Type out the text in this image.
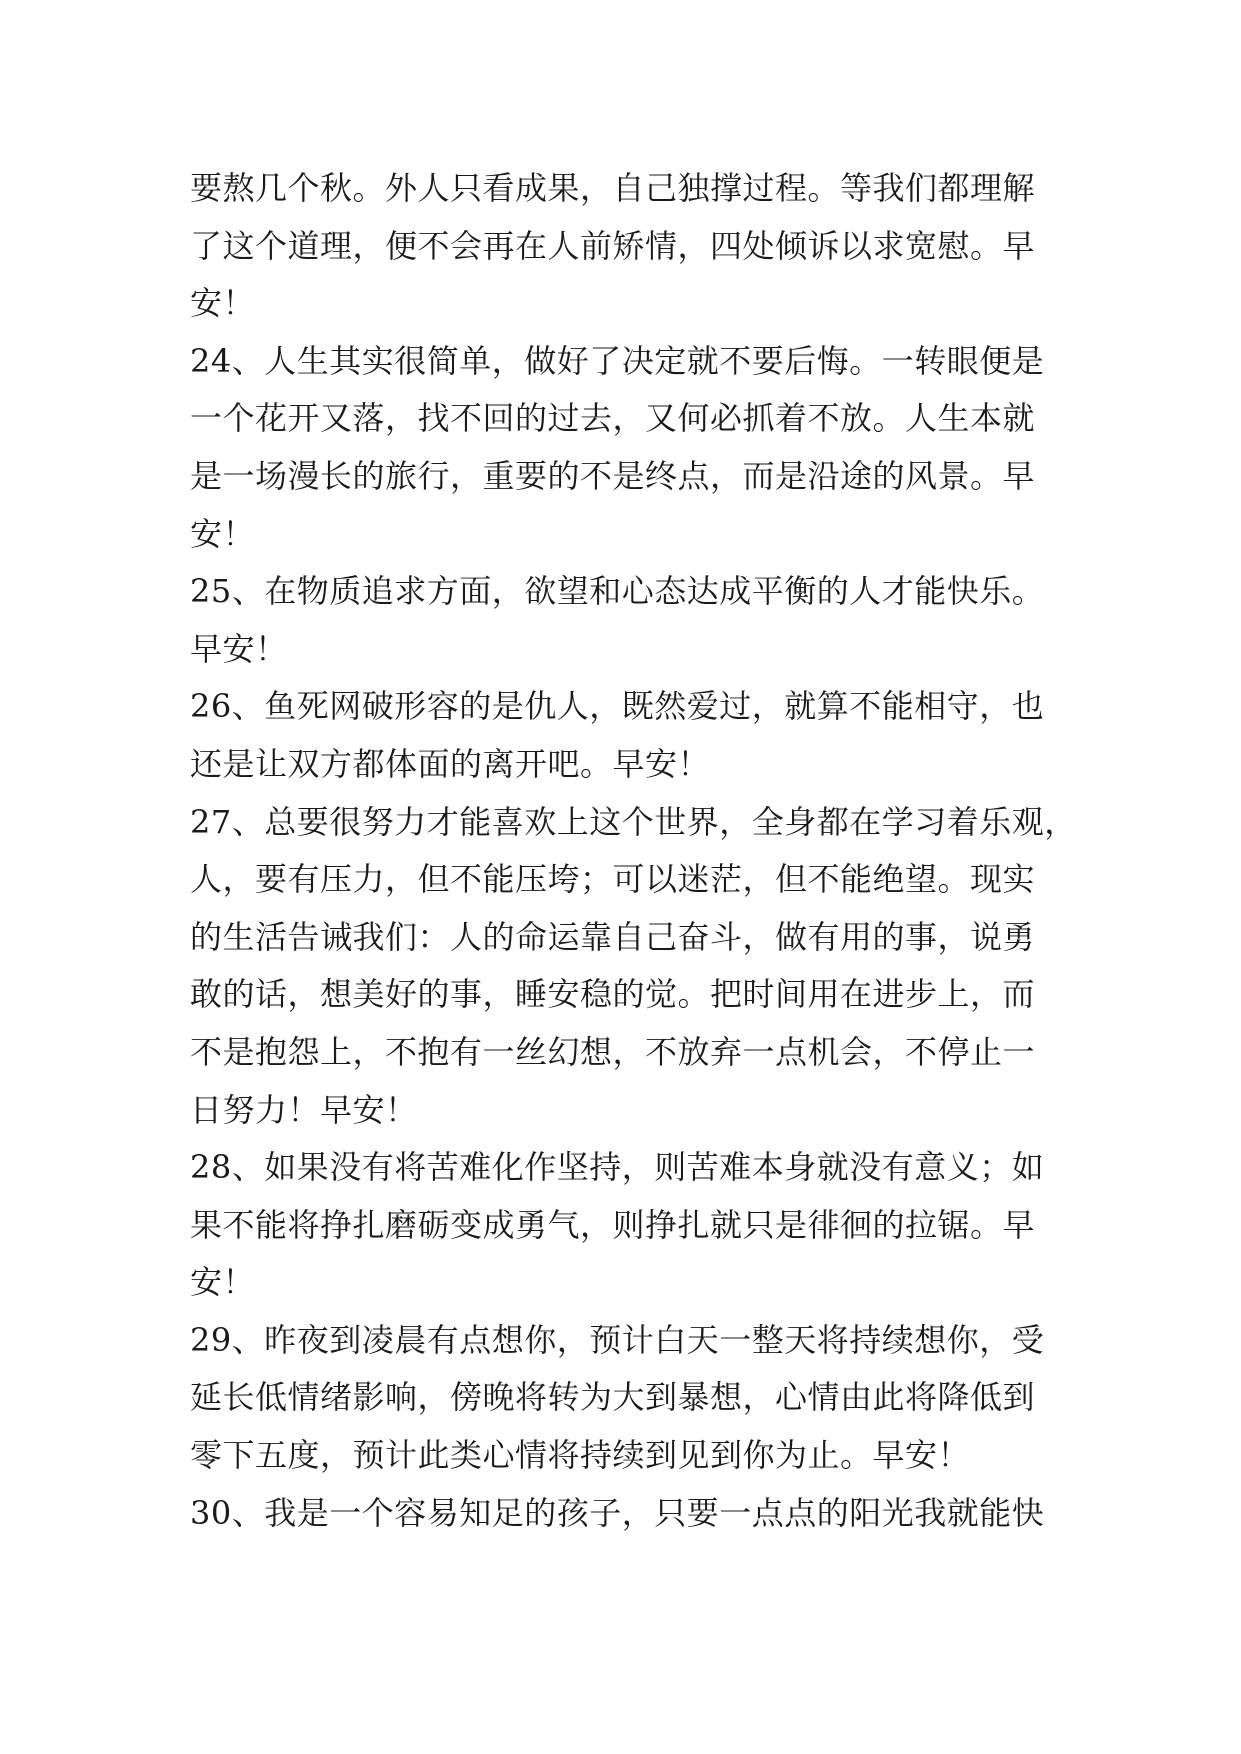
要熬几个秋。外人只看成果，自己独撑过程。等我们都理解
了这个道理，便不会再在人前矫情，四处倾诉以求宽慰。早
安！
24、人生其实很简单，做好了决定就不要后悔。一转眼便是
一个花开又落，找不回的过去，又何必抓着不放。人生本就
是一场漫长的旅行，重要的不是终点，而是沿途的风景。早
安！
25、在物质追求方面，欲望和心态达成平衡的人才能快乐。
早安！
26、鱼死网破形容的是仇人，既然爱过，就算不能相守，也
还是让双方都体面的离开吧。早安！
27、总要很努力才能喜欢上这个世界，全身都在学习着乐观，
人，要有压力，但不能压垮；可以迷茫，但不能绝望。现实
的生活告诫我们：人的命运靠自己奋斗，做有用的事，说勇
敢的话，想美好的事，睡安稳的觉。把时间用在进步上，而
不是抱怨上，不抱有一丝幻想，不放弃一点机会，不停止一
日努力！早安！
28、如果没有将苦难化作坚持，则苦难本身就没有意义；如
果不能将挣扎磨砺变成勇气，则挣扎就只是徘徊的拉锯。早
安！
29、昨夜到凌晨有点想你，预计白天一整天将持续想你，受
延长低情绪影响，傍晚将转为大到暴想，心情由此将降低到
零下五度，预计此类心情将持续到见到你为止。早安！
30、我是一个容易知足的孩子，只要一点点的阳光我就能快
